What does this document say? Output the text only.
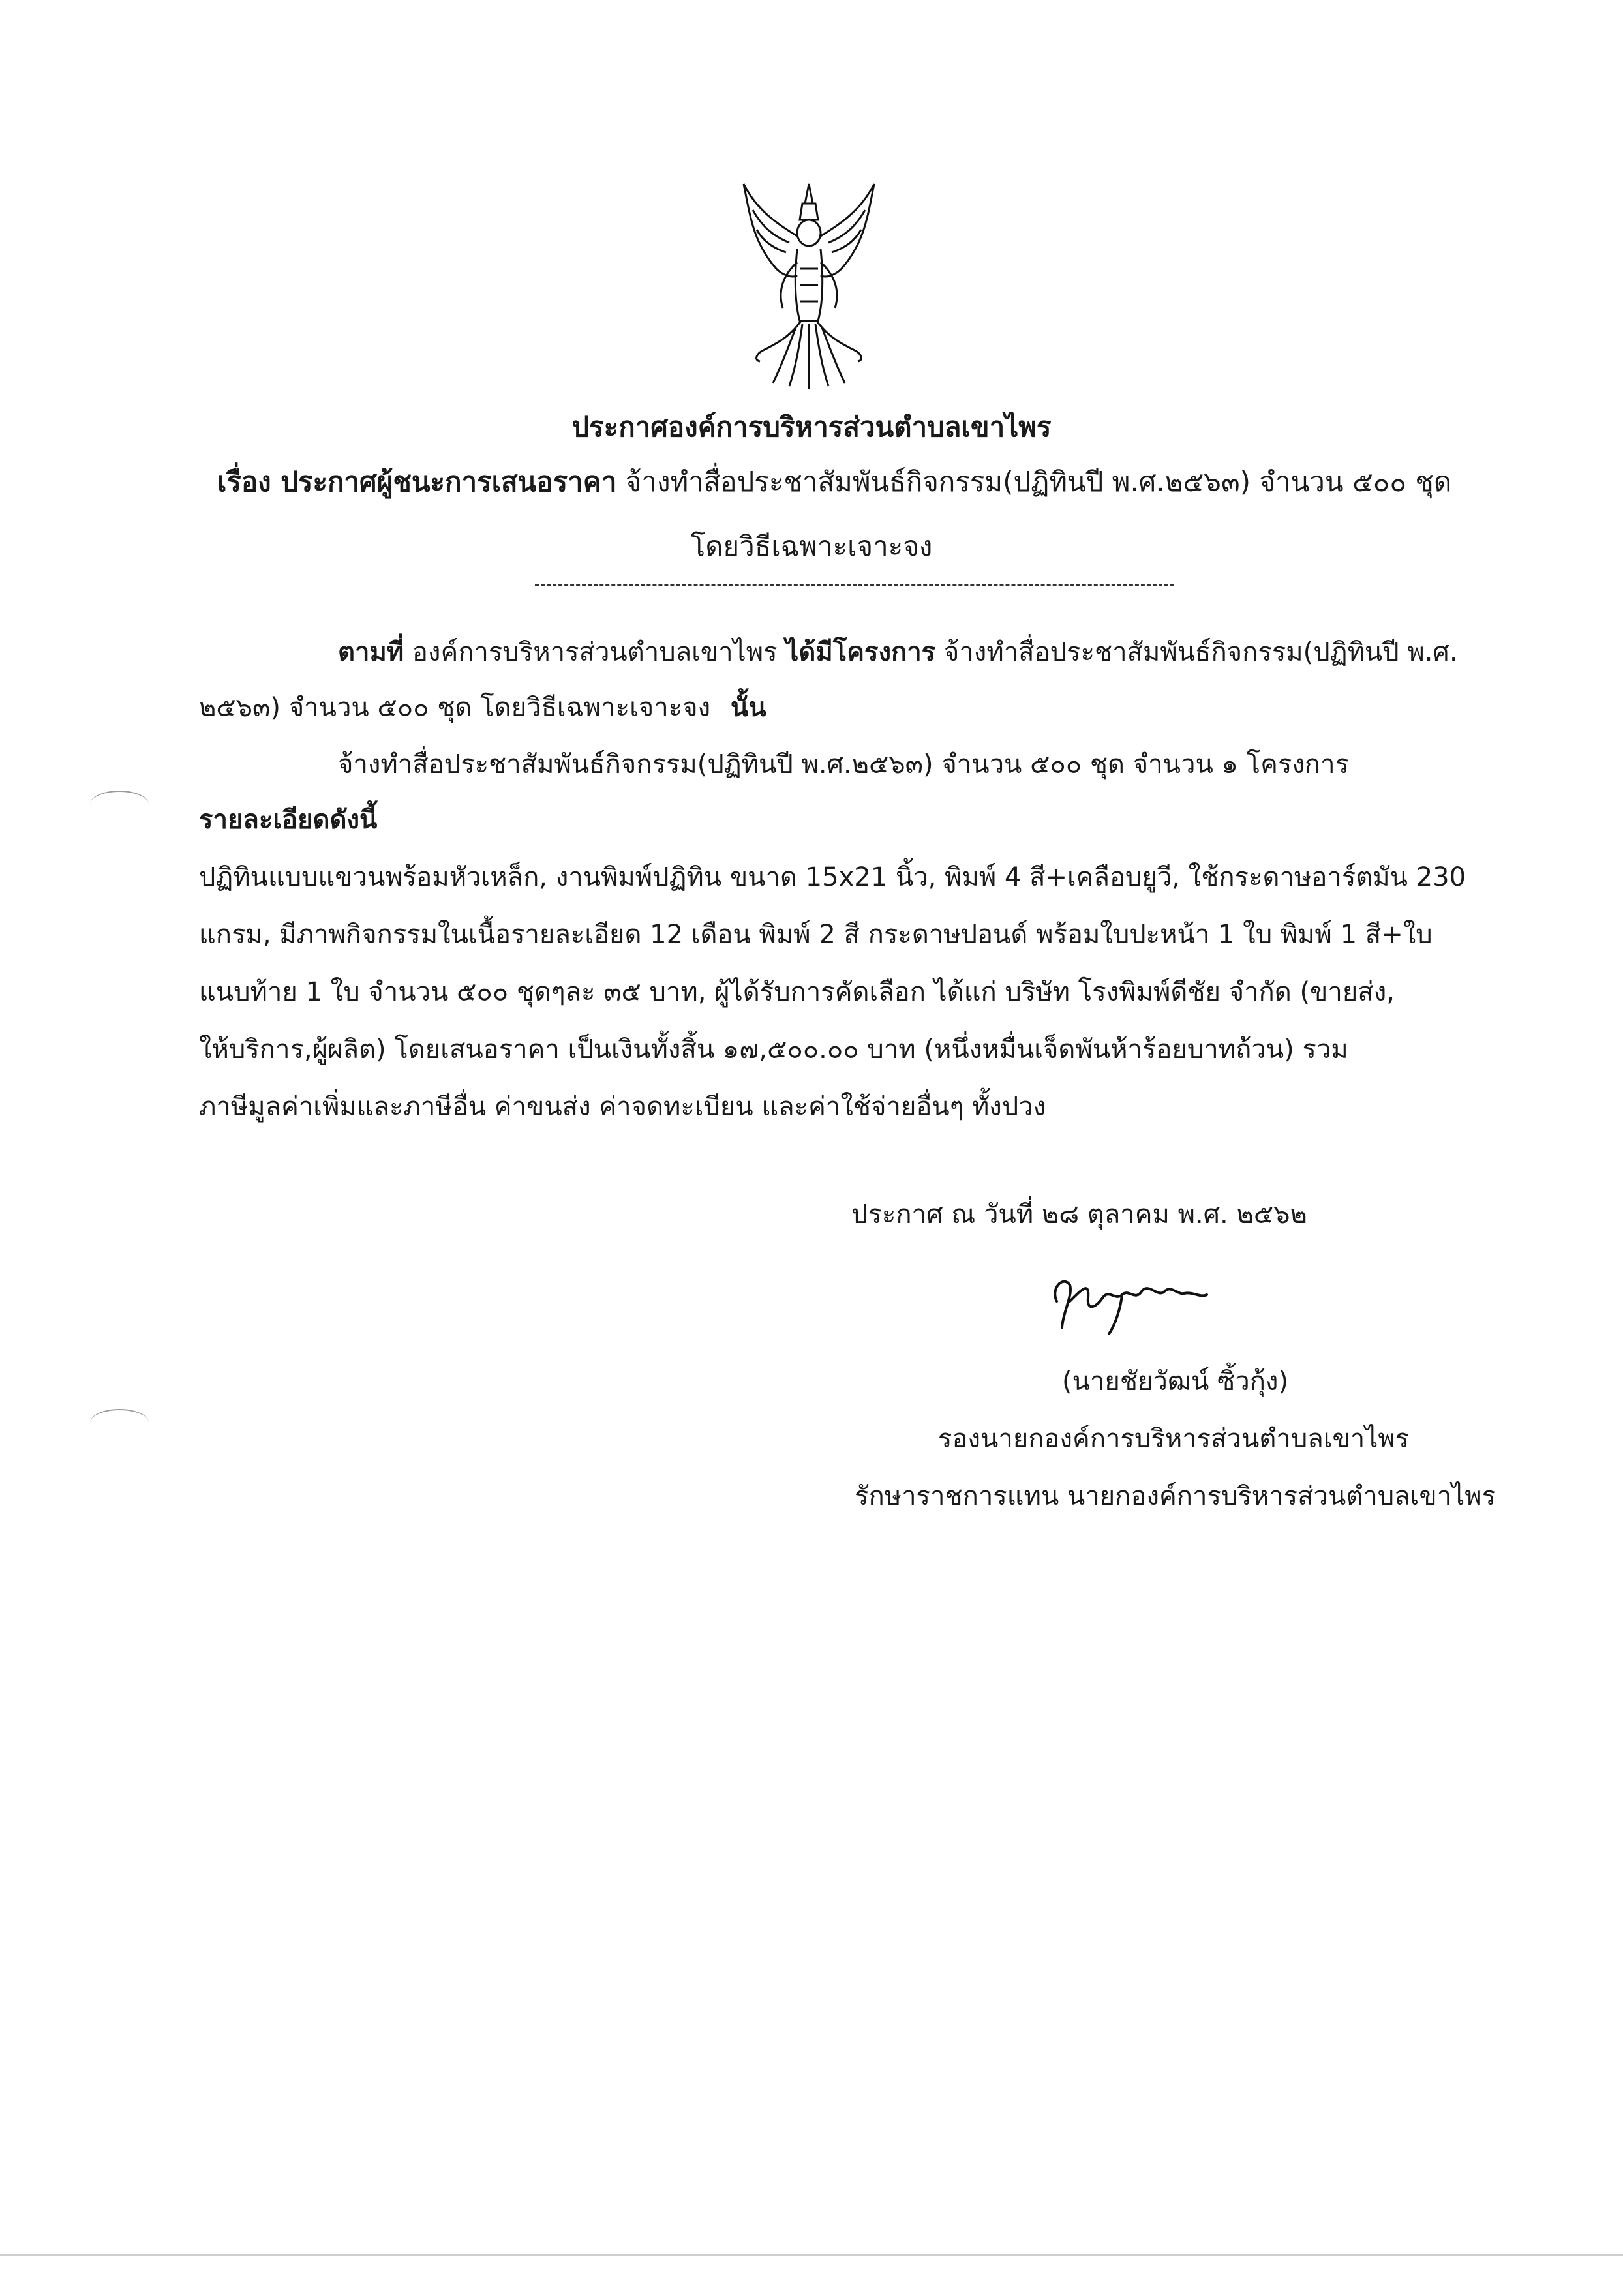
ประกาศองค์การบริหารส่วนตำบลเขาไพร
เรื่อง ประกาศผู้ชนะการเสนอราคา จ้างทำสื่อประชาสัมพันธ์กิจกรรม(ปฏิทินปี พ.ศ.๒๕๖๓) จำนวน ๕๐๐ ชุด
โดยวิธีเฉพาะเจาะจง
ตามที่ องค์การบริหารส่วนตำบลเขาไพร ได้มีโครงการ จ้างทำสื่อประชาสัมพันธ์กิจกรรม(ปฏิทินปี พ.ศ.
๒๕๖๓) จำนวน ๕๐๐ ชุด โดยวิธีเฉพาะเจาะจง นั้น
จ้างทำสื่อประชาสัมพันธ์กิจกรรม(ปฏิทินปี พ.ศ.๒๕๖๓) จำนวน ๕๐๐ ชุด จำนวน ๑ โครงการ
รายละเอียดดังนี้
ปฏิทินแบบแขวนพร้อมหัวเหล็ก, งานพิมพ์ปฏิทิน ขนาด 15x21 นิ้ว, พิมพ์ 4 สี+เคลือบยูวี, ใช้กระดาษอาร์ตมัน 230
แกรม, มีภาพกิจกรรมในเนื้อรายละเอียด 12 เดือน พิมพ์ 2 สี กระดาษปอนด์ พร้อมใบปะหน้า 1 ใบ พิมพ์ 1 สี+ใบ
แนบท้าย 1 ใบ จำนวน ๕๐๐ ชุดๆละ ๓๕ บาท, ผู้ได้รับการคัดเลือก ได้แก่ บริษัท โรงพิมพ์ดีชัย จำกัด (ขายส่ง,
ให้บริการ,ผู้ผลิต) โดยเสนอราคา เป็นเงินทั้งสิ้น ๑๗,๕๐๐.๐๐ บาท (หนึ่งหมื่นเจ็ดพันห้าร้อยบาทถ้วน) รวม
ภาษีมูลค่าเพิ่มและภาษีอื่น ค่าขนส่ง ค่าจดทะเบียน และค่าใช้จ่ายอื่นๆ ทั้งปวง
ประกาศ ณ วันที่ ๒๘ ตุลาคม พ.ศ. ๒๕๖๒
(นายชัยวัฒน์ ซิ้วกุ้ง)
รองนายกองค์การบริหารส่วนตำบลเขาไพร
รักษาราชการแทน นายกองค์การบริหารส่วนตำบลเขาไพร
